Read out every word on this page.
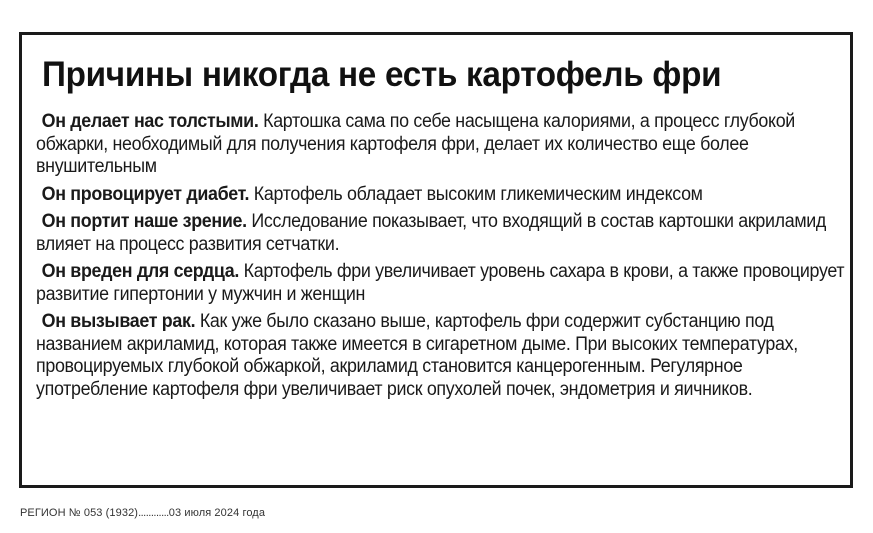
Причины никогда не есть картофель фри

Он делает нас толстыми. Картошка сама по себе насыщена калориями, а процесс глубокой обжарки, необходимый для получения картофеля фри, делает их количество еще более внушительным

Он провоцирует диабет. Картофель обладает высоким гликемическим индексом

Он портит наше зрение. Исследование показывает, что входящий в состав картошки акриламид влияет на процесс развития сетчатки.

Он вреден для сердца. Картофель фри увеличивает уровень сахара в крови, а также провоцирует развитие гипертонии у мужчин и женщин

Он вызывает рак. Как уже было сказано выше, картофель фри содержит субстанцию под названием акриламид, которая также имеется в сигаретном дыме. При высоких температурах, провоцируемых глубокой обжаркой, акриламид становится канцерогенным. Регулярное употребление картофеля фри увеличивает риск опухолей почек, эндометрия и яичников.

РЕГИОН № 053 (1932)............03 июля 2024 года
